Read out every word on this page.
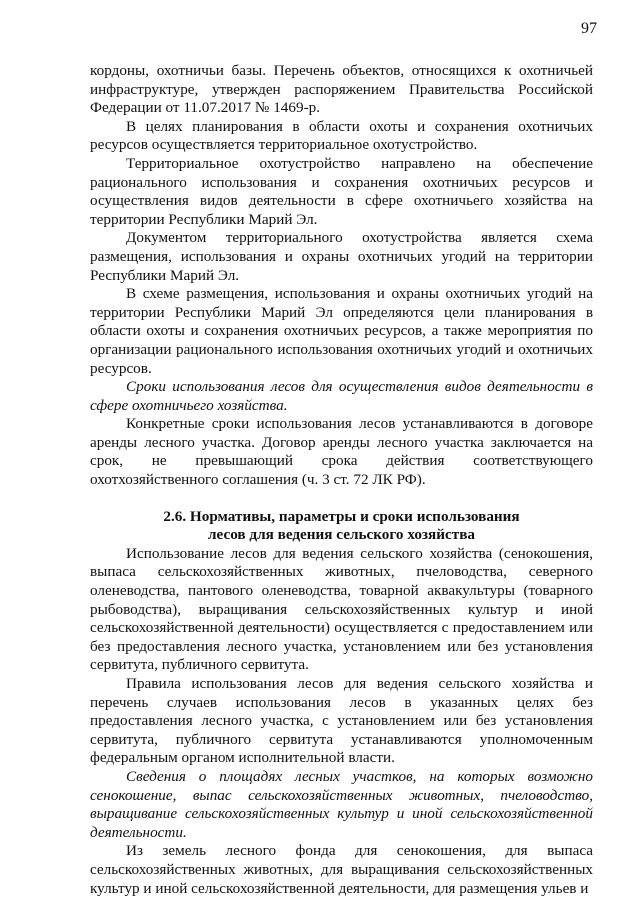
97

кордоны, охотничьи базы. Перечень объектов, относящихся к охотничьей инфраструктуре, утвержден распоряжением Правительства Российской Федерации от 11.07.2017 № 1469-р.

В целях планирования в области охоты и сохранения охотничьих ресурсов осуществляется территориальное охотустройство.

Территориальное охотустройство направлено на обеспечение рационального использования и сохранения охотничьих ресурсов и осуществления видов деятельности в сфере охотничьего хозяйства на территории Республики Марий Эл.

Документом территориального охотустройства является схема размещения, использования и охраны охотничьих угодий на территории Республики Марий Эл.

В схеме размещения, использования и охраны охотничьих угодий на территории Республики Марий Эл определяются цели планирования в области охоты и сохранения охотничьих ресурсов, а также мероприятия по организации рационального использования охотничьих угодий и охотничьих ресурсов.

Сроки использования лесов для осуществления видов деятельности в сфере охотничьего хозяйства.

Конкретные сроки использования лесов устанавливаются в договоре аренды лесного участка. Договор аренды лесного участка заключается на срок, не превышающий срока действия соответствующего охотхозяйственного соглашения (ч. 3 ст. 72 ЛК РФ).

2.6. Нормативы, параметры и сроки использования
лесов для ведения сельского хозяйства

Использование лесов для ведения сельского хозяйства (сенокошения, выпаса сельскохозяйственных животных, пчеловодства, северного оленеводства, пантового оленеводства, товарной аквакультуры (товарного рыбоводства), выращивания сельскохозяйственных культур и иной сельскохозяйственной деятельности) осуществляется с предоставлением или без предоставления лесного участка, установлением или без установления сервитута, публичного сервитута.

Правила использования лесов для ведения сельского хозяйства и перечень случаев использования лесов в указанных целях без предоставления лесного участка, с установлением или без установления сервитута, публичного сервитута устанавливаются уполномоченным федеральным органом исполнительной власти.

Сведения о площадях лесных участков, на которых возможно сенокошение, выпас сельскохозяйственных животных, пчеловодство, выращивание сельскохозяйственных культур и иной сельскохозяйственной деятельности.

Из земель лесного фонда для сенокошения, для выпаса сельскохозяйственных животных, для выращивания сельскохозяйственных культур и иной сельскохозяйственной деятельности, для размещения ульев и
